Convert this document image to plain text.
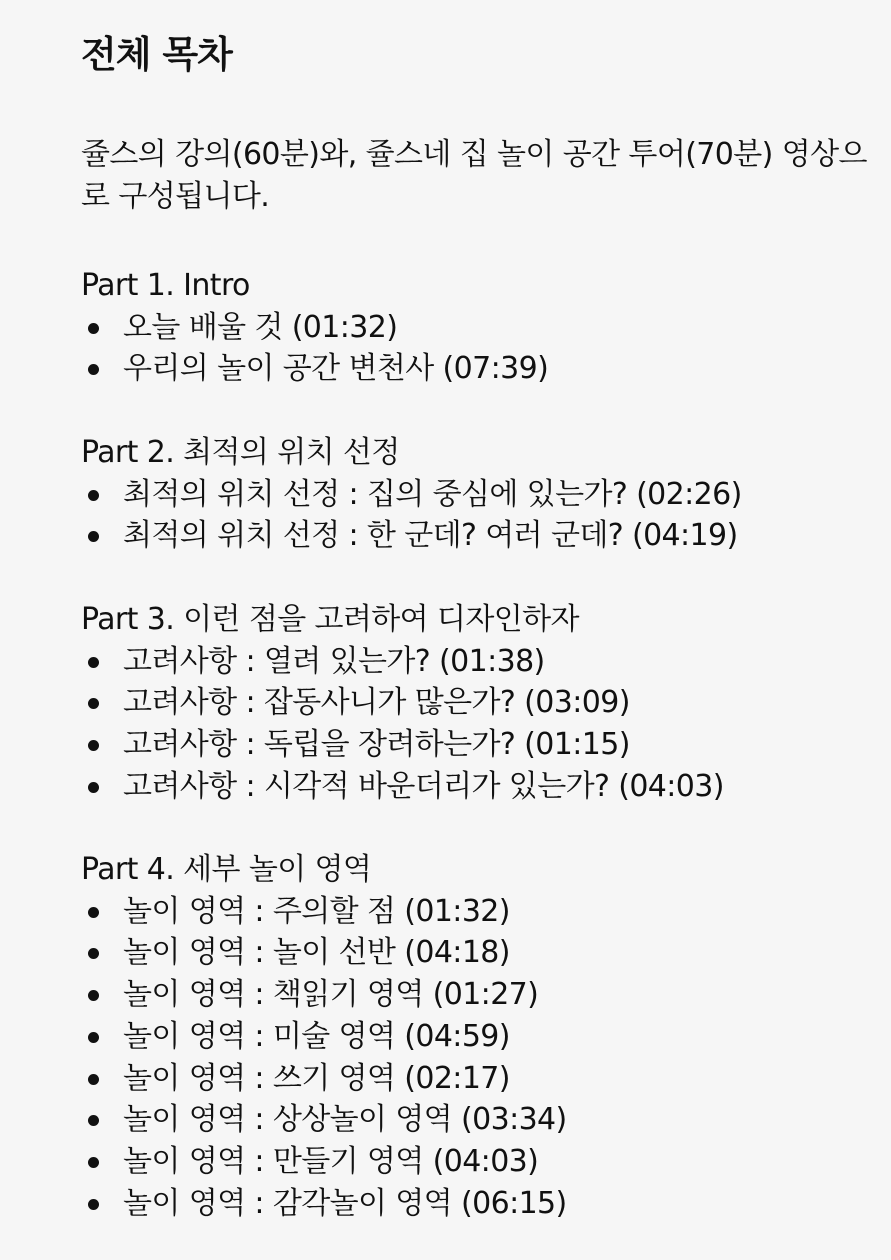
전체 목차

쥴스의 강의(60분)와, 쥴스네 집 놀이 공간 투어(70분) 영상으로 구성됩니다.

Part 1. Intro
오늘 배울 것 (01:32)
우리의 놀이 공간 변천사 (07:39)
Part 2. 최적의 위치 선정
최적의 위치 선정 : 집의 중심에 있는가? (02:26)
최적의 위치 선정 : 한 군데? 여러 군데? (04:19)
Part 3. 이런 점을 고려하여 디자인하자
고려사항 : 열려 있는가? (01:38)
고려사항 : 잡동사니가 많은가? (03:09)
고려사항 : 독립을 장려하는가? (01:15)
고려사항 : 시각적 바운더리가 있는가? (04:03)
Part 4. 세부 놀이 영역
놀이 영역 : 주의할 점 (01:32)
놀이 영역 : 놀이 선반 (04:18)
놀이 영역 : 책읽기 영역 (01:27)
놀이 영역 : 미술 영역 (04:59)
놀이 영역 : 쓰기 영역 (02:17)
놀이 영역 : 상상놀이 영역 (03:34)
놀이 영역 : 만들기 영역 (04:03)
놀이 영역 : 감각놀이 영역 (06:15)
